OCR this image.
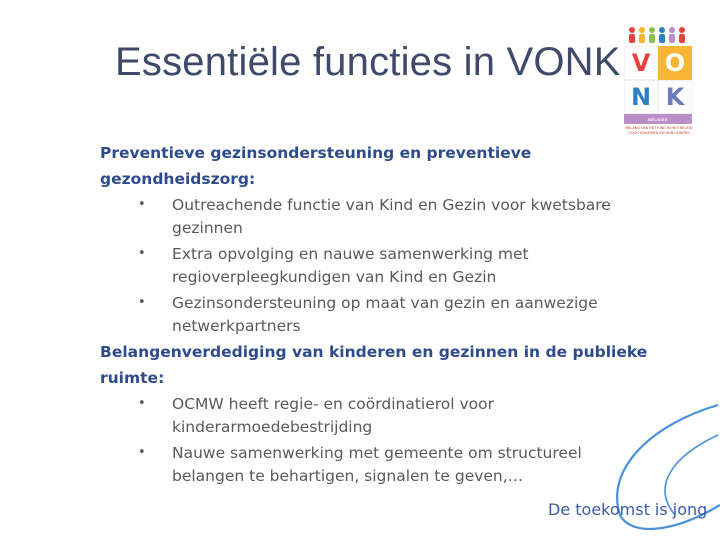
Essentiële functies in VONK V O
N K
BELGIES
BELANG VAN HET KIND IN HET BELEID
VOOR KINDEREN EN HUN OUDERS
Preventieve gezinsondersteuning en preventieve
gezondheidszorg:
• Outreachende functie van Kind en Gezin voor kwetsbare
gezinnen
• Extra opvolging en nauwe samenwerking met
regioverpleegkundigen van Kind en Gezin
• Gezinsondersteuning op maat van gezin en aanwezige
netwerkpartners
Belangenverdediging van kinderen en gezinnen in de publieke
ruimte:
• OCMW heeft regie- en coördinatierol voor
kinderarmoedebestrijding
• Nauwe samenwerking met gemeente om structureel
belangen te behartigen, signalen te geven,…
De toekomst is jong
